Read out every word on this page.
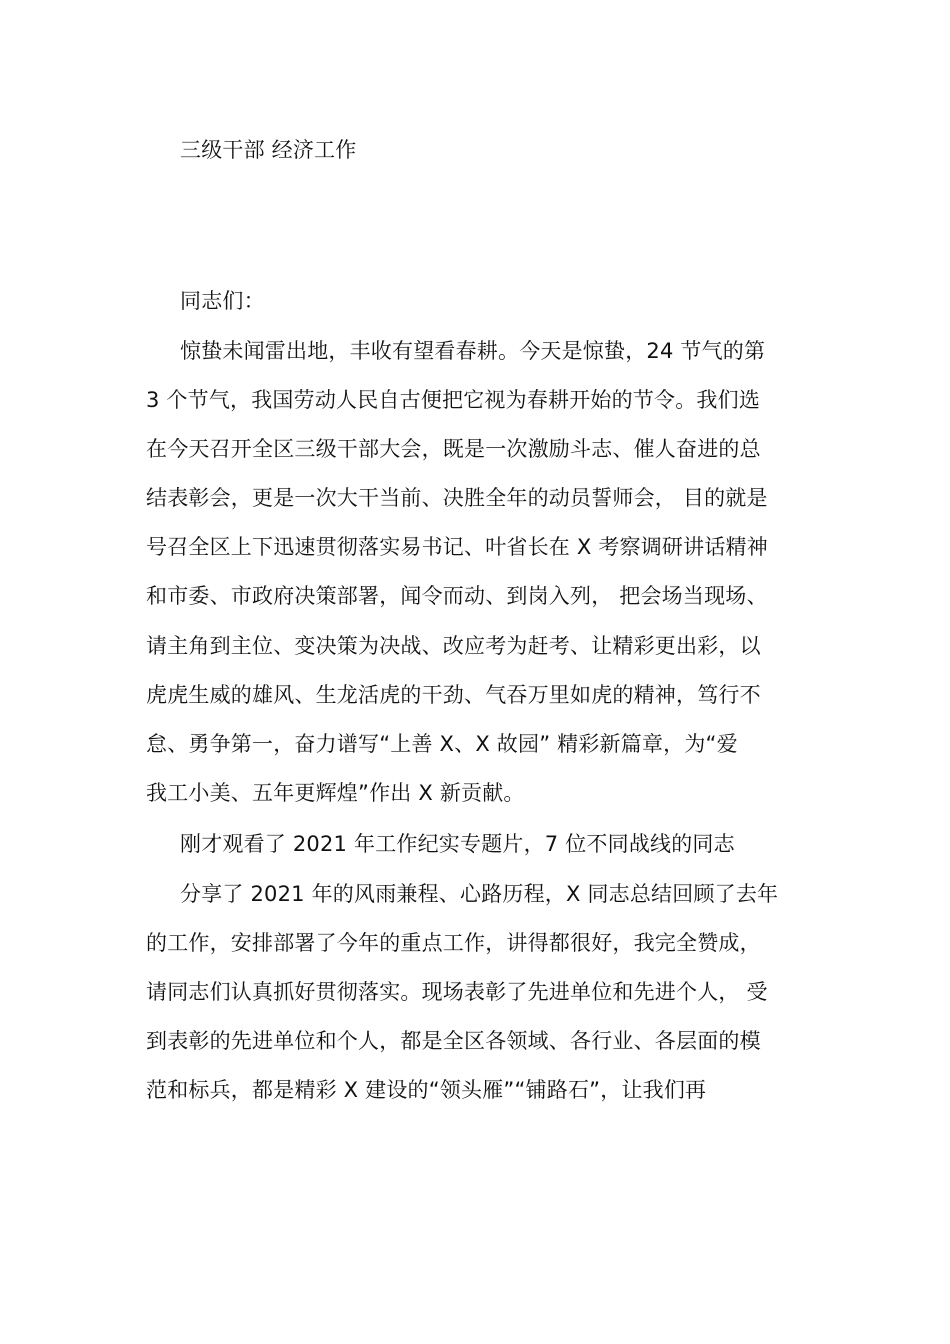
三级干部 经济工作
同志们：
惊蛰未闻雷出地，丰收有望看春耕。今天是惊蛰，24 节气的第
3 个节气，我国劳动人民自古便把它视为春耕开始的节令。我们选
在今天召开全区三级干部大会，既是一次激励斗志、催人奋进的总
结表彰会，更是一次大干当前、决胜全年的动员誓师会， 目的就是
号召全区上下迅速贯彻落实易书记、叶省长在 X 考察调研讲话精神
和市委、市政府决策部署，闻令而动、到岗入列， 把会场当现场、
请主角到主位、变决策为决战、改应考为赶考、让精彩更出彩，以
虎虎生威的雄风、生龙活虎的干劲、气吞万里如虎的精神，笃行不
怠、勇争第一，奋力谱写“上善 X、X 故园” 精彩新篇章，为“爱
我工小美、五年更辉煌”作出 X 新贡献。
刚才观看了 2021 年工作纪实专题片，7 位不同战线的同志
分享了 2021 年的风雨兼程、心路历程，X 同志总结回顾了去年
的工作，安排部署了今年的重点工作，讲得都很好，我完全赞成，
请同志们认真抓好贯彻落实。现场表彰了先进单位和先进个人， 受
到表彰的先进单位和个人，都是全区各领域、各行业、各层面的模
范和标兵，都是精彩 X 建设的“领头雁”“铺路石”，让我们再
